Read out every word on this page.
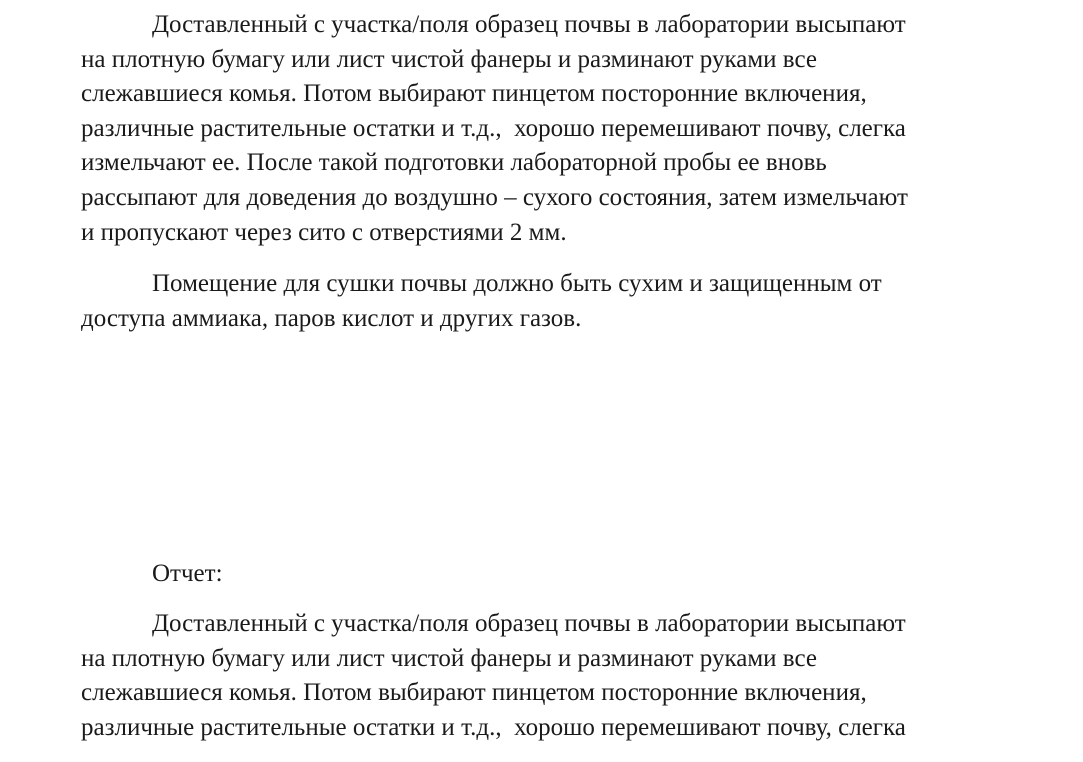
Доставленный с участка/поля образец почвы в лаборатории высыпают
на плотную бумагу или лист чистой фанеры и разминают руками все
слежавшиеся комья. Потом выбирают пинцетом посторонние включения,
различные растительные остатки и т.д.,  хорошо перемешивают почву, слегка
измельчают ее. После такой подготовки лабораторной пробы ее вновь
рассыпают для доведения до воздушно – сухого состояния, затем измельчают
и пропускают через сито с отверстиями 2 мм.

Помещение для сушки почвы должно быть сухим и защищенным от
доступа аммиака, паров кислот и других газов.

Отчет:

Доставленный с участка/поля образец почвы в лаборатории высыпают
на плотную бумагу или лист чистой фанеры и разминают руками все
слежавшиеся комья. Потом выбирают пинцетом посторонние включения,
различные растительные остатки и т.д.,  хорошо перемешивают почву, слегка
